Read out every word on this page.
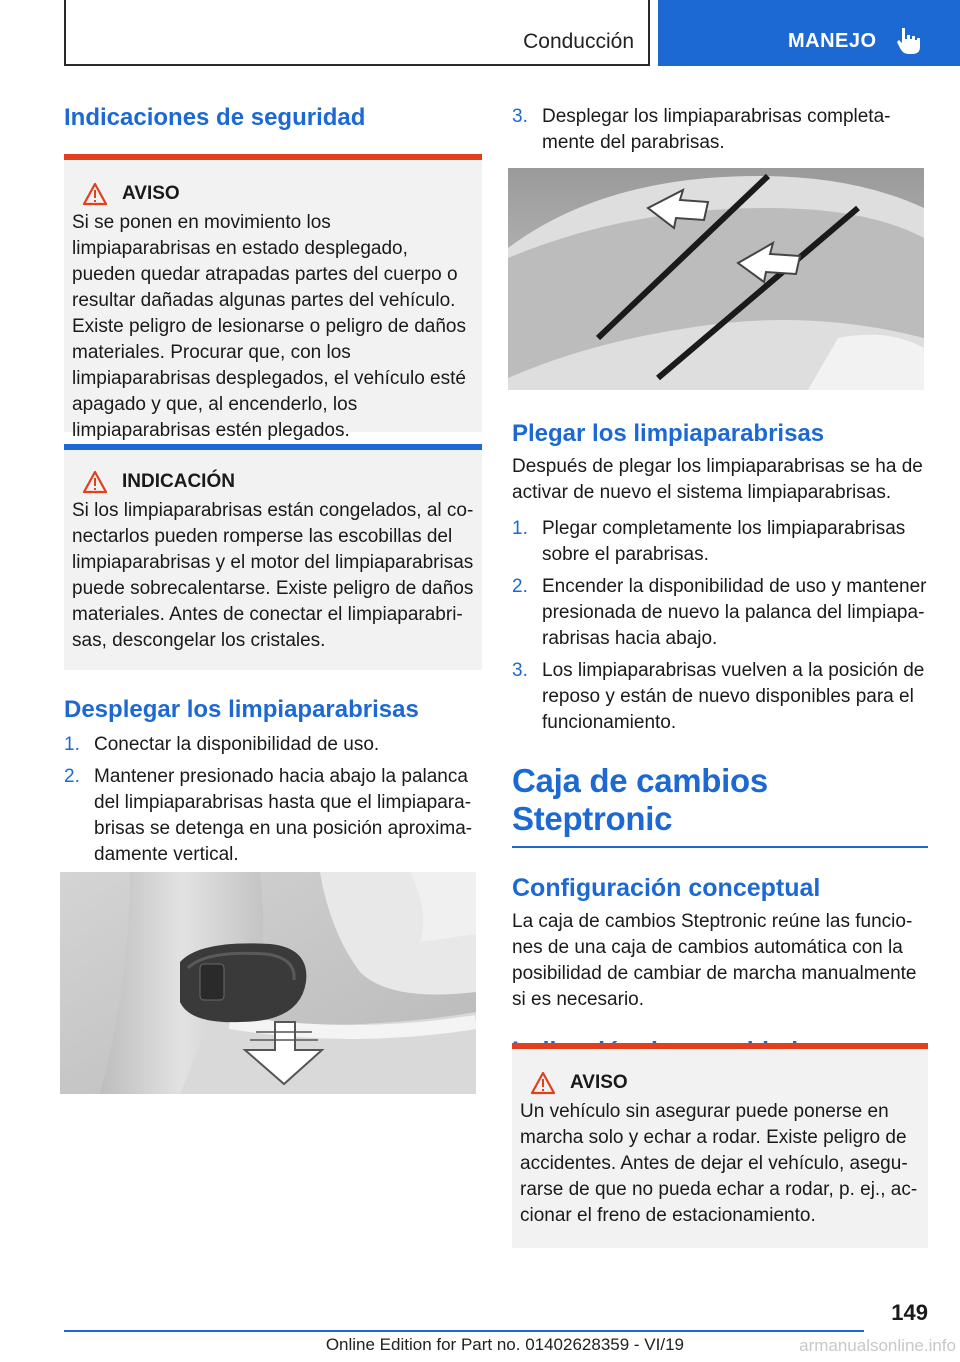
Conducción	MANEJO
Indicaciones de seguridad
AVISO

Si se ponen en movimiento los limpiaparabrisas en estado desplegado, pueden quedar atrapadas partes del cuerpo o resultar dañadas algunas partes del vehículo. Existe peligro de lesionarse o peligro de daños materiales. Procurar que, con los limpiaparabrisas desplegados, el vehículo esté apagado y que, al encenderlo, los limpiaparabrisas estén plegados.

INDICACIÓN

Si los limpiaparabrisas están congelados, al conectarlos pueden romperse las escobillas del limpiaparabrisas y el motor del limpiaparabrisas puede sobrecalentarse. Existe peligro de daños materiales. Antes de conectar el limpiaparabrisas, descongelar los cristales.

Desplegar los limpiaparabrisas
1. Conectar la disponibilidad de uso.
2. Mantener presionado hacia abajo la palanca del limpiaparabrisas hasta que el limpiaparabrisas se detenga en una posición aproximadamente vertical.
3. Desplegar los limpiaparabrisas completamente del parabrisas.
Plegar los limpiaparabrisas

Después de plegar los limpiaparabrisas se ha de activar de nuevo el sistema limpiaparabrisas.

1. Plegar completamente los limpiaparabrisas sobre el parabrisas.
2. Encender la disponibilidad de uso y mantener presionada de nuevo la palanca del limpiaparabrisas hacia abajo.
3. Los limpiaparabrisas vuelven a la posición de reposo y están de nuevo disponibles para el funcionamiento.
Caja de cambios Steptronic
Configuración conceptual

La caja de cambios Steptronic reúne las funciones de una caja de cambios automática con la posibilidad de cambiar de marcha manualmente si es necesario.

AVISO

Un vehículo sin asegurar puede ponerse en marcha solo y echar a rodar. Existe peligro de accidentes. Antes de dejar el vehículo, asegurarse de que no pueda echar a rodar, p. ej., accionar el freno de estacionamiento.

149
Online Edition for Part no. 01402628359 - VI/19	armanualsonline.info
